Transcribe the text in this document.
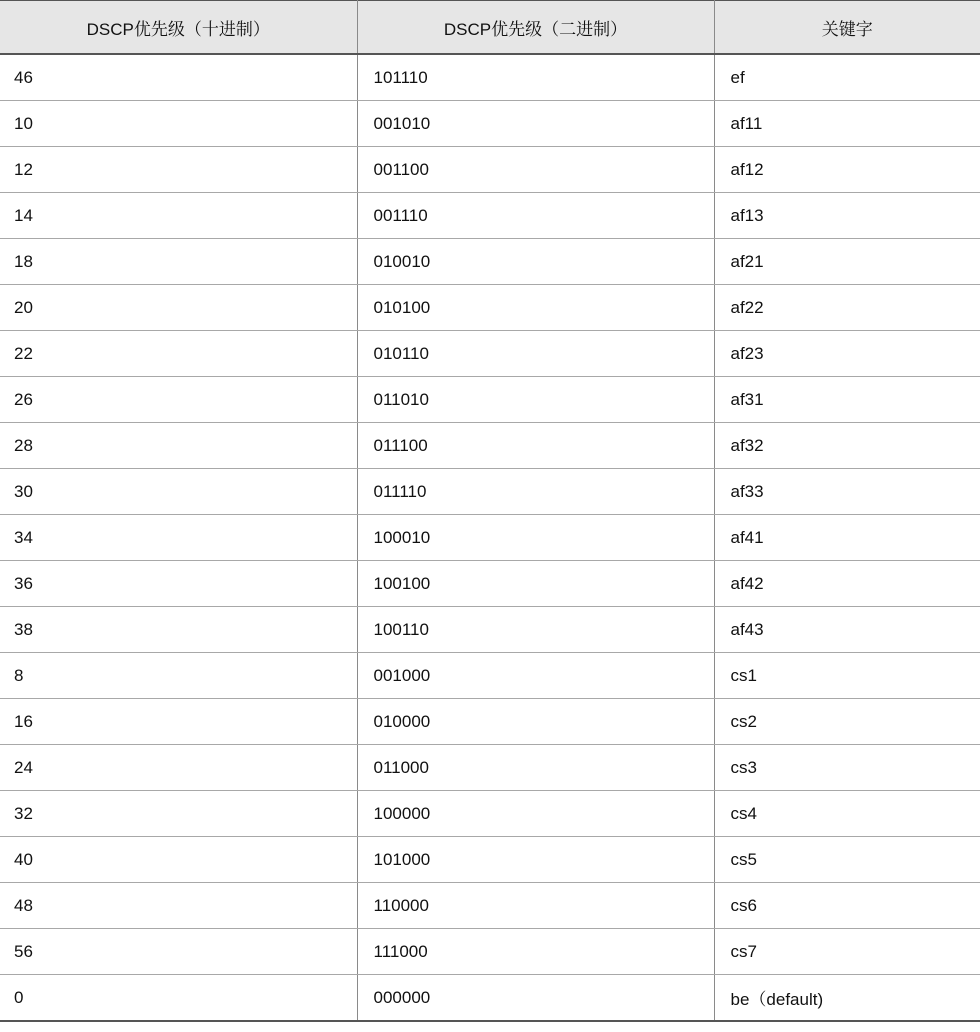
DSCP优先级（十进制）	DSCP优先级（二进制）	关键字
46	101110	ef
10	001010	af11
12	001100	af12
14	001110	af13
18	010010	af21
20	010100	af22
22	010110	af23
26	011010	af31
28	011100	af32
30	011110	af33
34	100010	af41
36	100100	af42
38	100110	af43
8	001000	cs1
16	010000	cs2
24	011000	cs3
32	100000	cs4
40	101000	cs5
48	110000	cs6
56	111000	cs7
0	000000	be（default)
